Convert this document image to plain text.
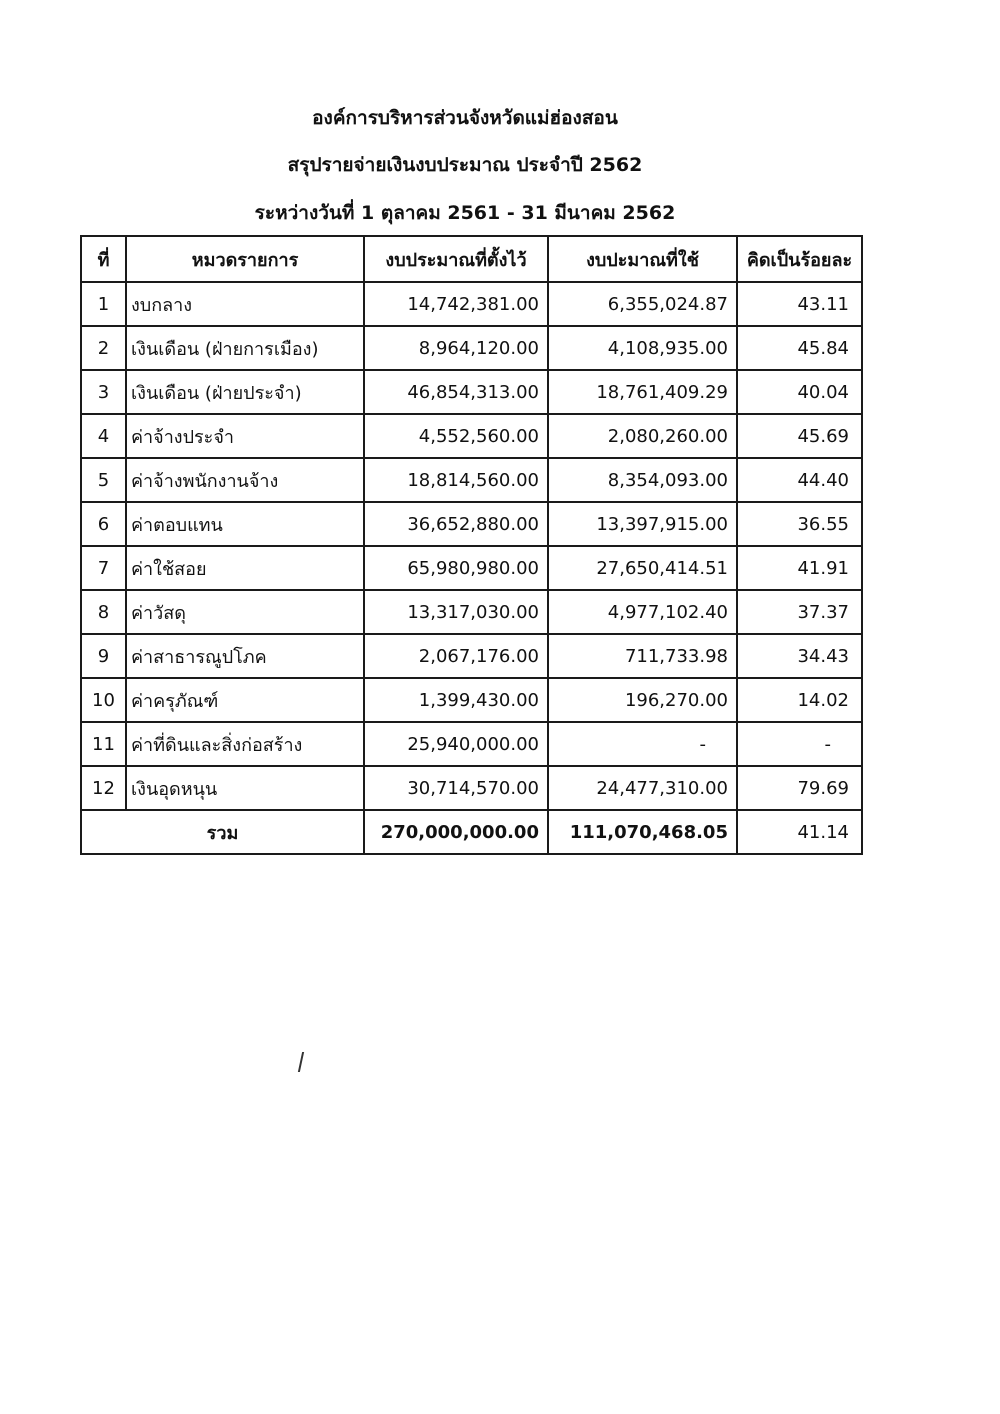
องค์การบริหารส่วนจังหวัดแม่ฮ่องสอน
สรุปรายจ่ายเงินงบประมาณ ประจำปี 2562
ระหว่างวันที่ 1 ตุลาคม 2561 - 31 มีนาคม 2562
ที่	หมวดรายการ	งบประมาณที่ตั้งไว้	งบปะมาณที่ใช้	คิดเป็นร้อยละ
1	งบกลาง	14,742,381.00	6,355,024.87	43.11
2	เงินเดือน (ฝ่ายการเมือง)	8,964,120.00	4,108,935.00	45.84
3	เงินเดือน (ฝ่ายประจำ)	46,854,313.00	18,761,409.29	40.04
4	ค่าจ้างประจำ	4,552,560.00	2,080,260.00	45.69
5	ค่าจ้างพนักงานจ้าง	18,814,560.00	8,354,093.00	44.40
6	ค่าตอบแทน	36,652,880.00	13,397,915.00	36.55
7	ค่าใช้สอย	65,980,980.00	27,650,414.51	41.91
8	ค่าวัสดุ	13,317,030.00	4,977,102.40	37.37
9	ค่าสาธารณูปโภค	2,067,176.00	711,733.98	34.43
10	ค่าครุภัณฑ์	1,399,430.00	196,270.00	14.02
11	ค่าที่ดินและสิ่งก่อสร้าง	25,940,000.00	-	-
12	เงินอุดหนุน	30,714,570.00	24,477,310.00	79.69
รวม		270,000,000.00	111,070,468.05	41.14
